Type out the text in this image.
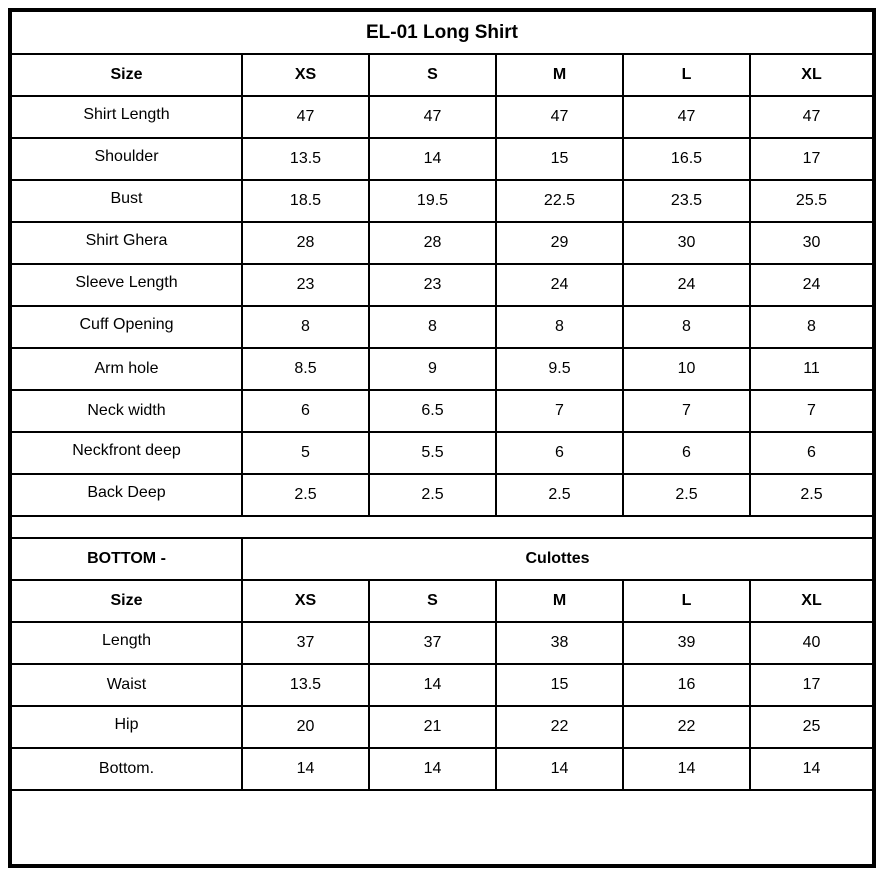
EL-01 Long Shirt					
Size	XS	S	M	L	XL
Shirt Length	47	47	47	47	47
Shoulder	13.5	14	15	16.5	17
Bust	18.5	19.5	22.5	23.5	25.5
Shirt Ghera	28	28	29	30	30
Sleeve Length	23	23	24	24	24
Cuff Opening	8	8	8	8	8
Arm hole	8.5	9	9.5	10	11
Neck width	6	6.5	7	7	7
Neckfront deep	5	5.5	6	6	6
Back Deep	2.5	2.5	2.5	2.5	2.5

BOTTOM -	Culottes				
Size	XS	S	M	L	XL
Length	37	37	38	39	40
Waist	13.5	14	15	16	17
Hip	20	21	22	22	25
Bottom.	14	14	14	14	14
